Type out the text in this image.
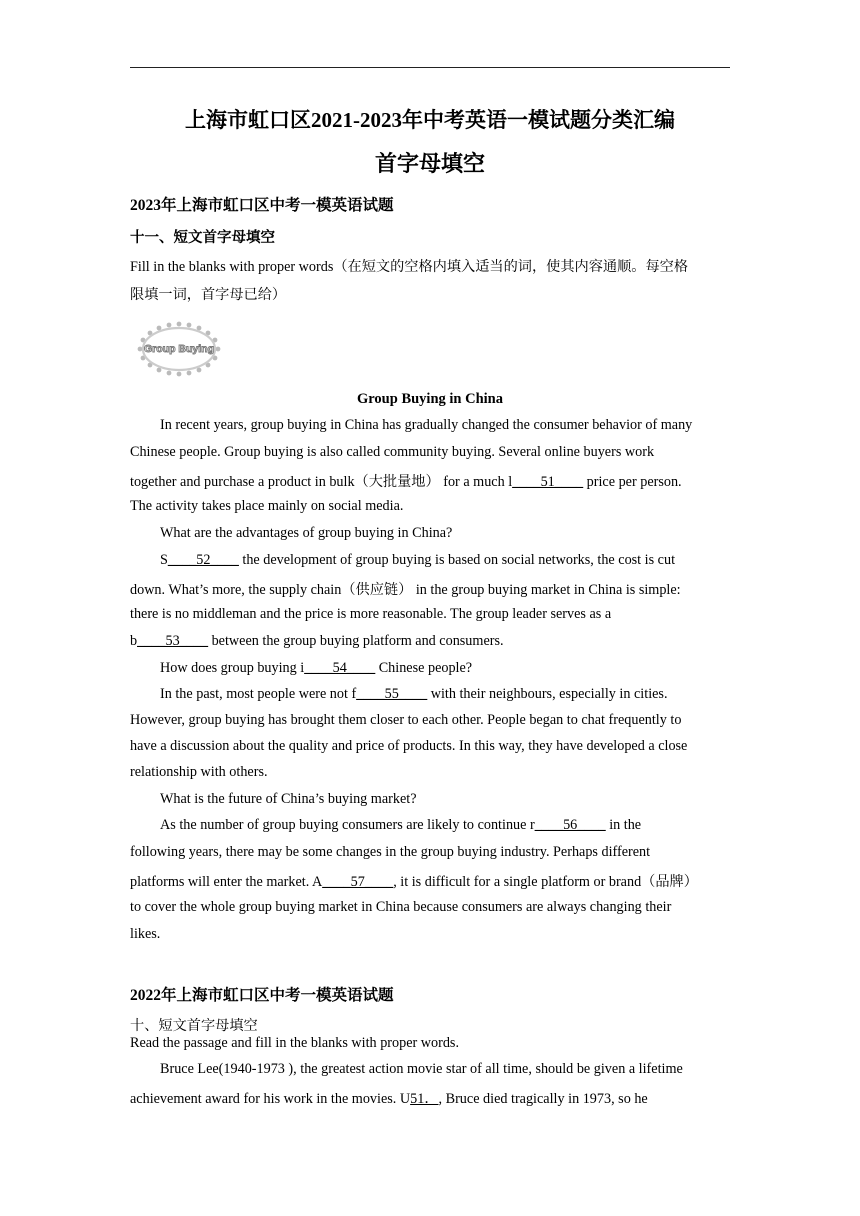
上海市虹口区2021-2023年中考英语一模试题分类汇编
首字母填空
2023年上海市虹口区中考一模英语试题
十一、短文首字母填空
Fill in the blanks with proper words（在短文的空格内填入适当的词，使其内容通顺。每空格
限填一词，首字母已给）
Group Buying
Group Buying in China
In recent years, group buying in China has gradually changed the consumer behavior of many
Chinese people. Group buying is also called community buying. Several online buyers work
together and purchase a product in bulk（大批量地） for a much l____51____ price per person.
The activity takes place mainly on social media.
What are the advantages of group buying in China?
S____52____ the development of group buying is based on social networks, the cost is cut
down. What’s more, the supply chain（供应链） in the group buying market in China is simple:
there is no middleman and the price is more reasonable. The group leader serves as a
b____53____ between the group buying platform and consumers.
How does group buying i____54____ Chinese people?
In the past, most people were not f____55____ with their neighbours, especially in cities.
However, group buying has brought them closer to each other. People began to chat frequently to
have a discussion about the quality and price of products. In this way, they have developed a close
relationship with others.
What is the future of China’s buying market?
As the number of group buying consumers are likely to continue r____56____ in the
following years, there may be some changes in the group buying industry. Perhaps different
platforms will enter the market. A____57____, it is difficult for a single platform or brand（品牌）
to cover the whole group buying market in China because consumers are always changing their
likes.
2022年上海市虹口区中考一模英语试题
十、短文首字母填空
Read the passage and fill in the blanks with proper words.
Bruce Lee(1940-1973 ), the greatest action movie star of all time, should be given a lifetime
achievement award for his work in the movies. U51．, Bruce died tragically in 1973, so he
